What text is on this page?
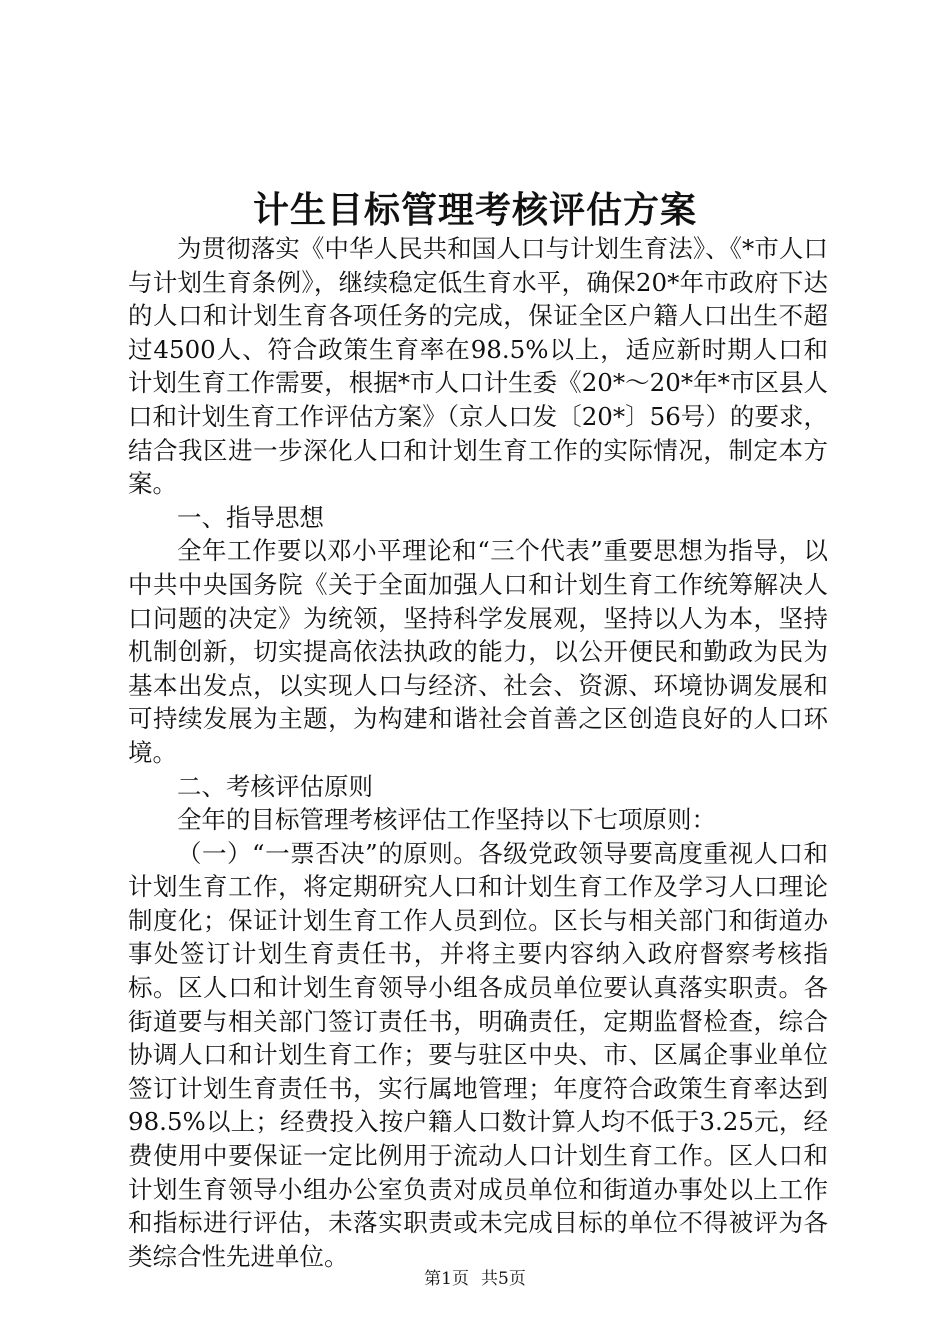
计生目标管理考核评估方案

为贯彻落实《中华人民共和国人口与计划生育法》、《*市人口与计划生育条例》，继续稳定低生育水平，确保20*年市政府下达的人口和计划生育各项任务的完成，保证全区户籍人口出生不超过4500人、符合政策生育率在98.5%以上，适应新时期人口和计划生育工作需要，根据*市人口计生委《20*～20*年*市区县人口和计划生育工作评估方案》（京人口发〔20*〕56号）的要求，结合我区进一步深化人口和计划生育工作的实际情况，制定本方案。

一、指导思想

全年工作要以邓小平理论和“三个代表”重要思想为指导，以中共中央国务院《关于全面加强人口和计划生育工作统筹解决人口问题的决定》为统领，坚持科学发展观，坚持以人为本，坚持机制创新，切实提高依法执政的能力，以公开便民和勤政为民为基本出发点，以实现人口与经济、社会、资源、环境协调发展和可持续发展为主题，为构建和谐社会首善之区创造良好的人口环境。

二、考核评估原则

全年的目标管理考核评估工作坚持以下七项原则：

（一）“一票否决”的原则。各级党政领导要高度重视人口和计划生育工作，将定期研究人口和计划生育工作及学习人口理论制度化；保证计划生育工作人员到位。区长与相关部门和街道办事处签订计划生育责任书，并将主要内容纳入政府督察考核指标。区人口和计划生育领导小组各成员单位要认真落实职责。各街道要与相关部门签订责任书，明确责任，定期监督检查，综合协调人口和计划生育工作；要与驻区中央、市、区属企事业单位签订计划生育责任书，实行属地管理；年度符合政策生育率达到98.5%以上；经费投入按户籍人口数计算人均不低于3.25元，经费使用中要保证一定比例用于流动人口计划生育工作。区人口和计划生育领导小组办公室负责对成员单位和街道办事处以上工作和指标进行评估，未落实职责或未完成目标的单位不得被评为各类综合性先进单位。

第1页 共5页
